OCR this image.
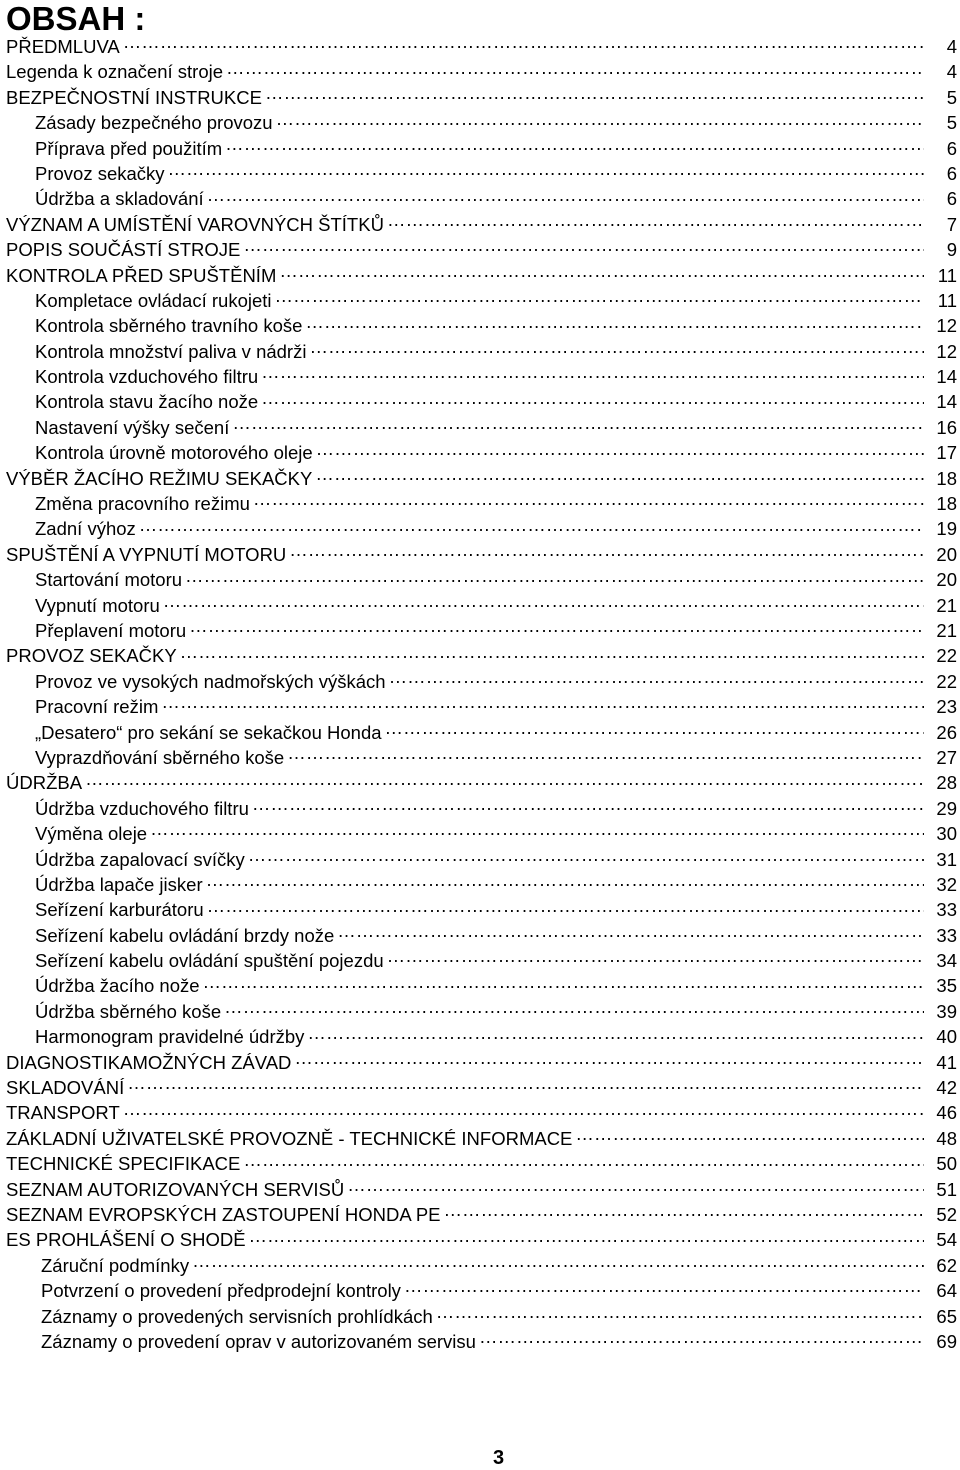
OBSAH :
PŘEDMLUVA …………………………………………………………………………………………………………………………………………………………………………………………	4
Legenda k označení stroje …………………………………………………………………………………………………………………………………………………………………………………………	4
BEZPEČNOSTNÍ INSTRUKCE …………………………………………………………………………………………………………………………………………………………………………………………	5
Zásady bezpečného provozu …………………………………………………………………………………………………………………………………………………………………………………………	5
Příprava před použitím …………………………………………………………………………………………………………………………………………………………………………………………	6
Provoz sekačky …………………………………………………………………………………………………………………………………………………………………………………………	6
Údržba a skladování …………………………………………………………………………………………………………………………………………………………………………………………	6
VÝZNAM A UMÍSTĚNÍ VAROVNÝCH ŠTÍTKŮ …………………………………………………………………………………………………………………………………………………………………………………………	7
POPIS SOUČÁSTÍ STROJE …………………………………………………………………………………………………………………………………………………………………………………………	9
KONTROLA PŘED SPUŠTĚNÍM …………………………………………………………………………………………………………………………………………………………………………………………	11
Kompletace ovládací rukojeti …………………………………………………………………………………………………………………………………………………………………………………………	11
Kontrola sběrného travního koše …………………………………………………………………………………………………………………………………………………………………………………………	12
Kontrola množství paliva v nádrži …………………………………………………………………………………………………………………………………………………………………………………………	12
Kontrola vzduchového filtru …………………………………………………………………………………………………………………………………………………………………………………………	14
Kontrola stavu žacího nože …………………………………………………………………………………………………………………………………………………………………………………………	14
Nastavení výšky sečení …………………………………………………………………………………………………………………………………………………………………………………………	16
Kontrola úrovně motorového oleje …………………………………………………………………………………………………………………………………………………………………………………………	17
VÝBĚR ŽACÍHO REŽIMU SEKAČKY …………………………………………………………………………………………………………………………………………………………………………………………	18
Změna pracovního režimu …………………………………………………………………………………………………………………………………………………………………………………………	18
Zadní výhoz …………………………………………………………………………………………………………………………………………………………………………………………	19
SPUŠTĚNÍ A VYPNUTÍ MOTORU …………………………………………………………………………………………………………………………………………………………………………………………	20
Startování motoru …………………………………………………………………………………………………………………………………………………………………………………………	20
Vypnutí motoru …………………………………………………………………………………………………………………………………………………………………………………………	21
Přeplavení motoru …………………………………………………………………………………………………………………………………………………………………………………………	21
PROVOZ SEKAČKY …………………………………………………………………………………………………………………………………………………………………………………………	22
Provoz ve vysokých nadmořských výškách …………………………………………………………………………………………………………………………………………………………………………………………	22
Pracovní režim …………………………………………………………………………………………………………………………………………………………………………………………	23
„Desatero“ pro sekání se sekačkou Honda …………………………………………………………………………………………………………………………………………………………………………………………	26
Vyprazdňování sběrného koše …………………………………………………………………………………………………………………………………………………………………………………………	27
ÚDRŽBA …………………………………………………………………………………………………………………………………………………………………………………………	28
Údržba vzduchového filtru …………………………………………………………………………………………………………………………………………………………………………………………	29
Výměna oleje …………………………………………………………………………………………………………………………………………………………………………………………	30
Údržba zapalovací svíčky …………………………………………………………………………………………………………………………………………………………………………………………	31
Údržba lapače jisker …………………………………………………………………………………………………………………………………………………………………………………………	32
Seřízení karburátoru …………………………………………………………………………………………………………………………………………………………………………………………	33
Seřízení kabelu ovládání brzdy nože …………………………………………………………………………………………………………………………………………………………………………………………	33
Seřízení kabelu ovládání spuštění pojezdu …………………………………………………………………………………………………………………………………………………………………………………………	34
Údržba žacího nože …………………………………………………………………………………………………………………………………………………………………………………………	35
Údržba sběrného koše …………………………………………………………………………………………………………………………………………………………………………………………	39
Harmonogram pravidelné údržby …………………………………………………………………………………………………………………………………………………………………………………………	40
DIAGNOSTIKAMOŽNÝCH ZÁVAD …………………………………………………………………………………………………………………………………………………………………………………………	41
SKLADOVÁNÍ …………………………………………………………………………………………………………………………………………………………………………………………	42
TRANSPORT …………………………………………………………………………………………………………………………………………………………………………………………	46
ZÁKLADNÍ UŽIVATELSKÉ PROVOZNĚ - TECHNICKÉ INFORMACE …………………………………………………………………………………………………………………………………………………………………………………………	48
TECHNICKÉ SPECIFIKACE …………………………………………………………………………………………………………………………………………………………………………………………	50
SEZNAM AUTORIZOVANÝCH SERVISŮ …………………………………………………………………………………………………………………………………………………………………………………………	51
SEZNAM EVROPSKÝCH ZASTOUPENÍ HONDA PE …………………………………………………………………………………………………………………………………………………………………………………………	52
ES PROHLÁŠENÍ O SHODĚ …………………………………………………………………………………………………………………………………………………………………………………………	54
Záruční podmínky …………………………………………………………………………………………………………………………………………………………………………………………	62
Potvrzení o provedení předprodejní kontroly …………………………………………………………………………………………………………………………………………………………………………………………	64
Záznamy o provedených servisních prohlídkách …………………………………………………………………………………………………………………………………………………………………………………………	65
Záznamy o provedení oprav v autorizovaném servisu …………………………………………………………………………………………………………………………………………………………………………………………	69
3
